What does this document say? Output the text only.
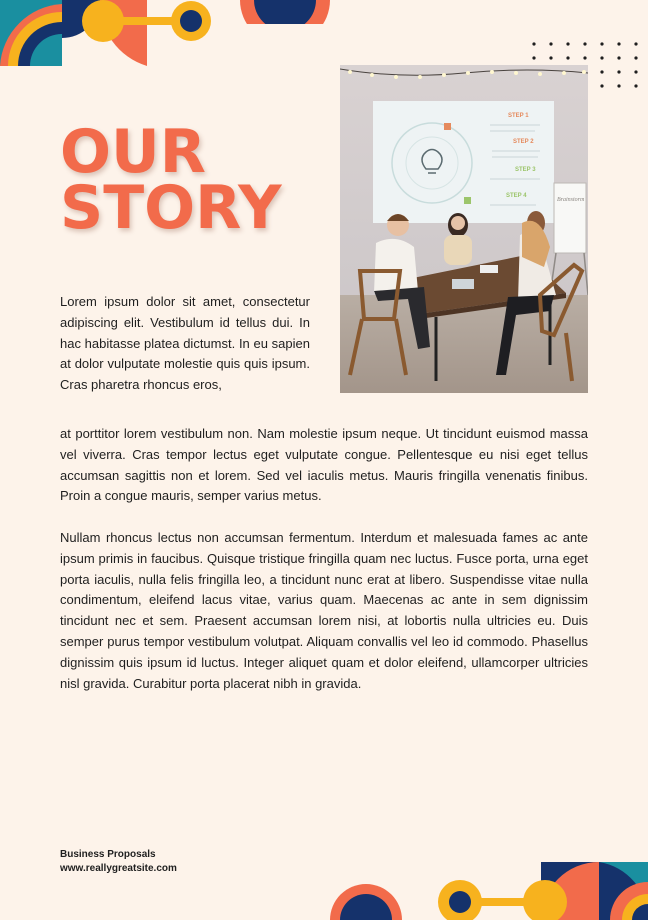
OUR
STORY
Lorem ipsum dolor sit amet, consectetur adipiscing elit. Vestibulum id tellus dui. In hac habitasse platea dictumst. In eu sapien at dolor vulputate molestie quis quis ipsum. Cras pharetra rhoncus eros,
STEP 1
STEP 2
STEP 3
STEP 4
Brainstorm
at porttitor lorem vestibulum non. Nam molestie ipsum neque. Ut tincidunt euismod massa vel viverra. Cras tempor lectus eget vulputate congue. Pellentesque eu nisi eget tellus accumsan sagittis non et lorem. Sed vel iaculis metus. Mauris fringilla venenatis finibus. Proin a congue mauris, semper varius metus.
Nullam rhoncus lectus non accumsan fermentum. Interdum et malesuada fames ac ante ipsum primis in faucibus. Quisque tristique fringilla quam nec luctus. Fusce porta, urna eget porta iaculis, nulla felis fringilla leo, a tincidunt nunc erat at libero. Suspendisse vitae nulla condimentum, eleifend lacus vitae, varius quam. Maecenas ac ante in sem dignissim tincidunt nec et sem. Praesent accumsan lorem nisi, at lobortis nulla ultricies eu. Duis semper purus tempor vestibulum volutpat. Aliquam convallis vel leo id commodo. Phasellus dignissim quis ipsum id luctus. Integer aliquet quam et dolor eleifend, ullamcorper ultricies nisl gravida. Curabitur porta placerat nibh in gravida.
Business Proposals
www.reallygreatsite.com
